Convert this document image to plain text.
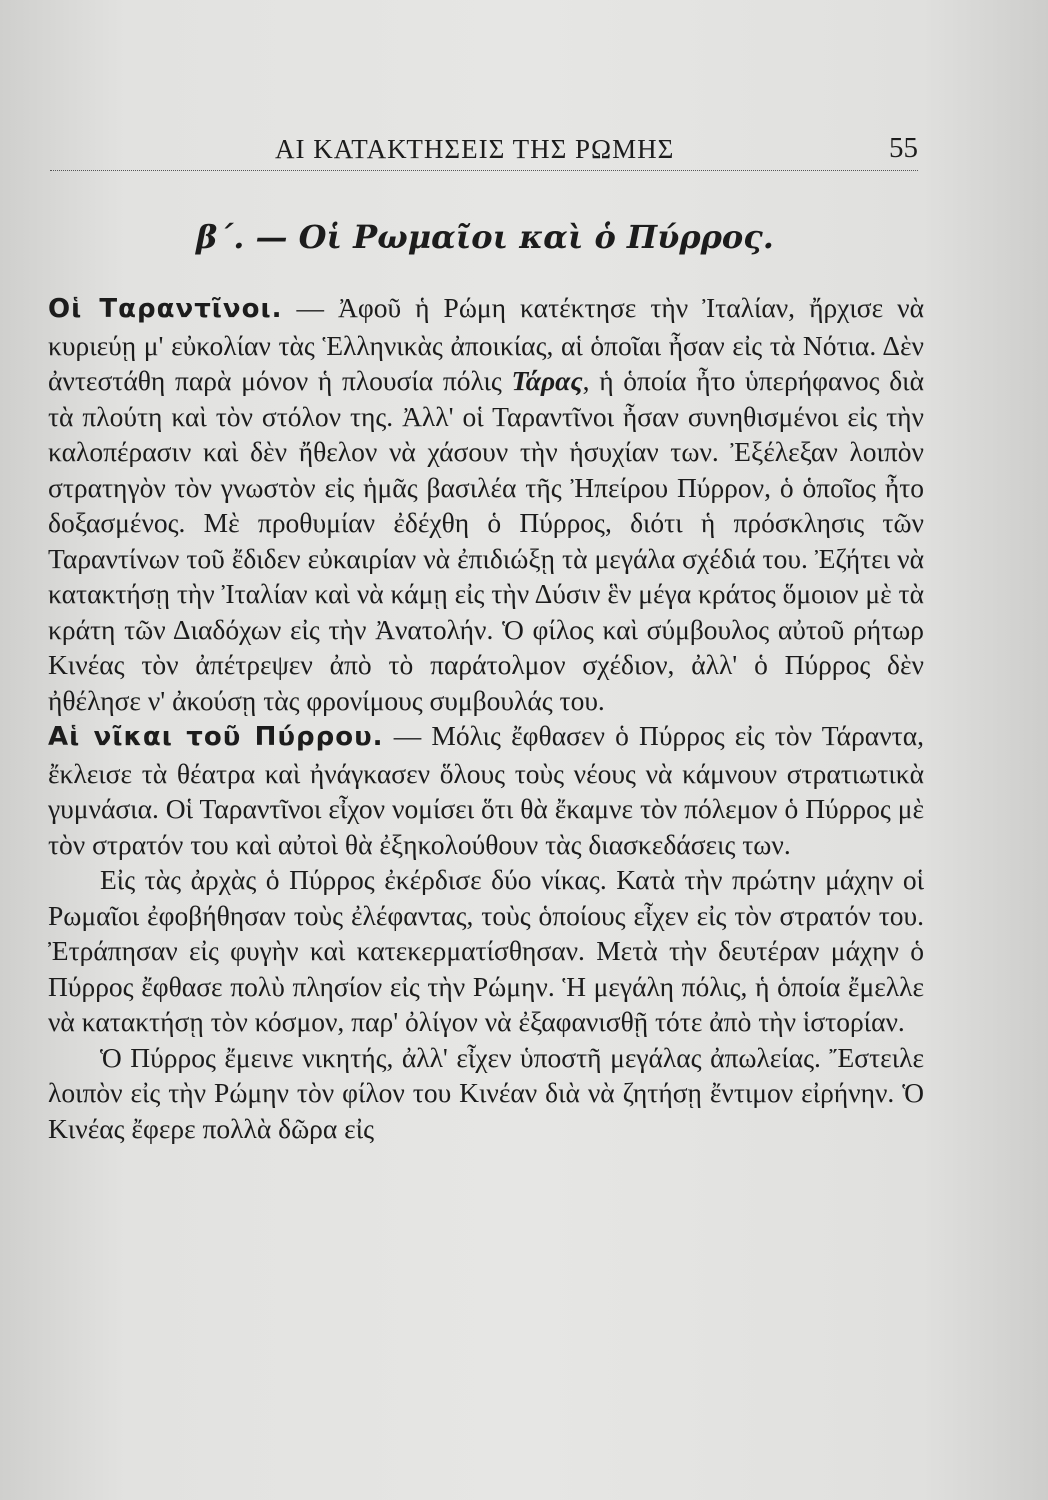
ΑΙ ΚΑΤΑΚΤΗΣΕΙΣ ΤΗΣ ΡΩΜΗΣ	55
β΄. — Οἱ Ρωμαῖοι καὶ ὁ Πύρρος.

Οἱ Ταραντῖνοι. — Ἀφοῦ ἡ Ρώμη κατέκτησε τὴν Ἰταλίαν, ἤρχισε νὰ κυριεύῃ μ' εὐκολίαν τὰς Ἑλληνικὰς ἀποικίας, αἱ ὁποῖαι ἦσαν εἰς τὰ Νότια. Δὲν ἀντεστάθη παρὰ μόνον ἡ πλουσία πόλις Τάρας, ἡ ὁποία ἦτο ὑπερήφανος διὰ τὰ πλούτη καὶ τὸν στόλον της. Ἀλλ' οἱ Ταραντῖνοι ἦσαν συνηθισμένοι εἰς τὴν καλοπέρασιν καὶ δὲν ἤθελον νὰ χάσουν τὴν ἡσυχίαν των. Ἐξέλεξαν λοιπὸν στρατηγὸν τὸν γνωστὸν εἰς ἡμᾶς βασιλέα τῆς Ἠπείρου Πύρρον, ὁ ὁποῖος ἦτο δοξασμένος. Μὲ προθυμίαν ἐδέχθη ὁ Πύρρος, διότι ἡ πρόσκλησις τῶν Ταραντίνων τοῦ ἔδιδεν εὐκαιρίαν νὰ ἐπιδιώξῃ τὰ μεγάλα σχέδιά του. Ἐζήτει νὰ κατακτήσῃ τὴν Ἰταλίαν καὶ νὰ κάμῃ εἰς τὴν Δύσιν ἓν μέγα κράτος ὅμοιον μὲ τὰ κράτη τῶν Διαδόχων εἰς τὴν Ἀνατολήν. Ὁ φίλος καὶ σύμβουλος αὐτοῦ ρήτωρ Κινέας τὸν ἀπέτρεψεν ἀπὸ τὸ παράτολμον σχέδιον, ἀλλ' ὁ Πύρρος δὲν ἠθέλησε ν' ἀκούσῃ τὰς φρονίμους συμβουλάς του.

Αἱ νῖκαι τοῦ Πύρρου. — Μόλις ἔφθασεν ὁ Πύρρος εἰς τὸν Τάραντα, ἔκλεισε τὰ θέατρα καὶ ἠνάγκασεν ὅλους τοὺς νέους νὰ κάμνουν στρατιωτικὰ γυμνάσια. Οἱ Ταραντῖνοι εἶχον νομίσει ὅτι θὰ ἔκαμνε τὸν πόλεμον ὁ Πύρρος μὲ τὸν στρατόν του καὶ αὐτοὶ θὰ ἐξηκολούθουν τὰς διασκεδάσεις των.

Εἰς τὰς ἀρχὰς ὁ Πύρρος ἐκέρδισε δύο νίκας. Κατὰ τὴν πρώτην μάχην οἱ Ρωμαῖοι ἐφοβήθησαν τοὺς ἐλέφαντας, τοὺς ὁποίους εἶχεν εἰς τὸν στρατόν του. Ἐτράπησαν εἰς φυγὴν καὶ κατεκερματίσθησαν. Μετὰ τὴν δευτέραν μάχην ὁ Πύρρος ἔφθασε πολὺ πλησίον εἰς τὴν Ρώμην. Ἡ μεγάλη πόλις, ἡ ὁποία ἔμελλε νὰ κατακτήσῃ τὸν κόσμον, παρ' ὀλίγον νὰ ἐξαφανισθῇ τότε ἀπὸ τὴν ἱστορίαν.

Ὁ Πύρρος ἔμεινε νικητής, ἀλλ' εἶχεν ὑποστῆ μεγάλας ἀπωλείας. Ἔστειλε λοιπὸν εἰς τὴν Ρώμην τὸν φίλον του Κινέαν διὰ νὰ ζητήσῃ ἔντιμον εἰρήνην. Ὁ Κινέας ἔφερε πολλὰ δῶρα εἰς
